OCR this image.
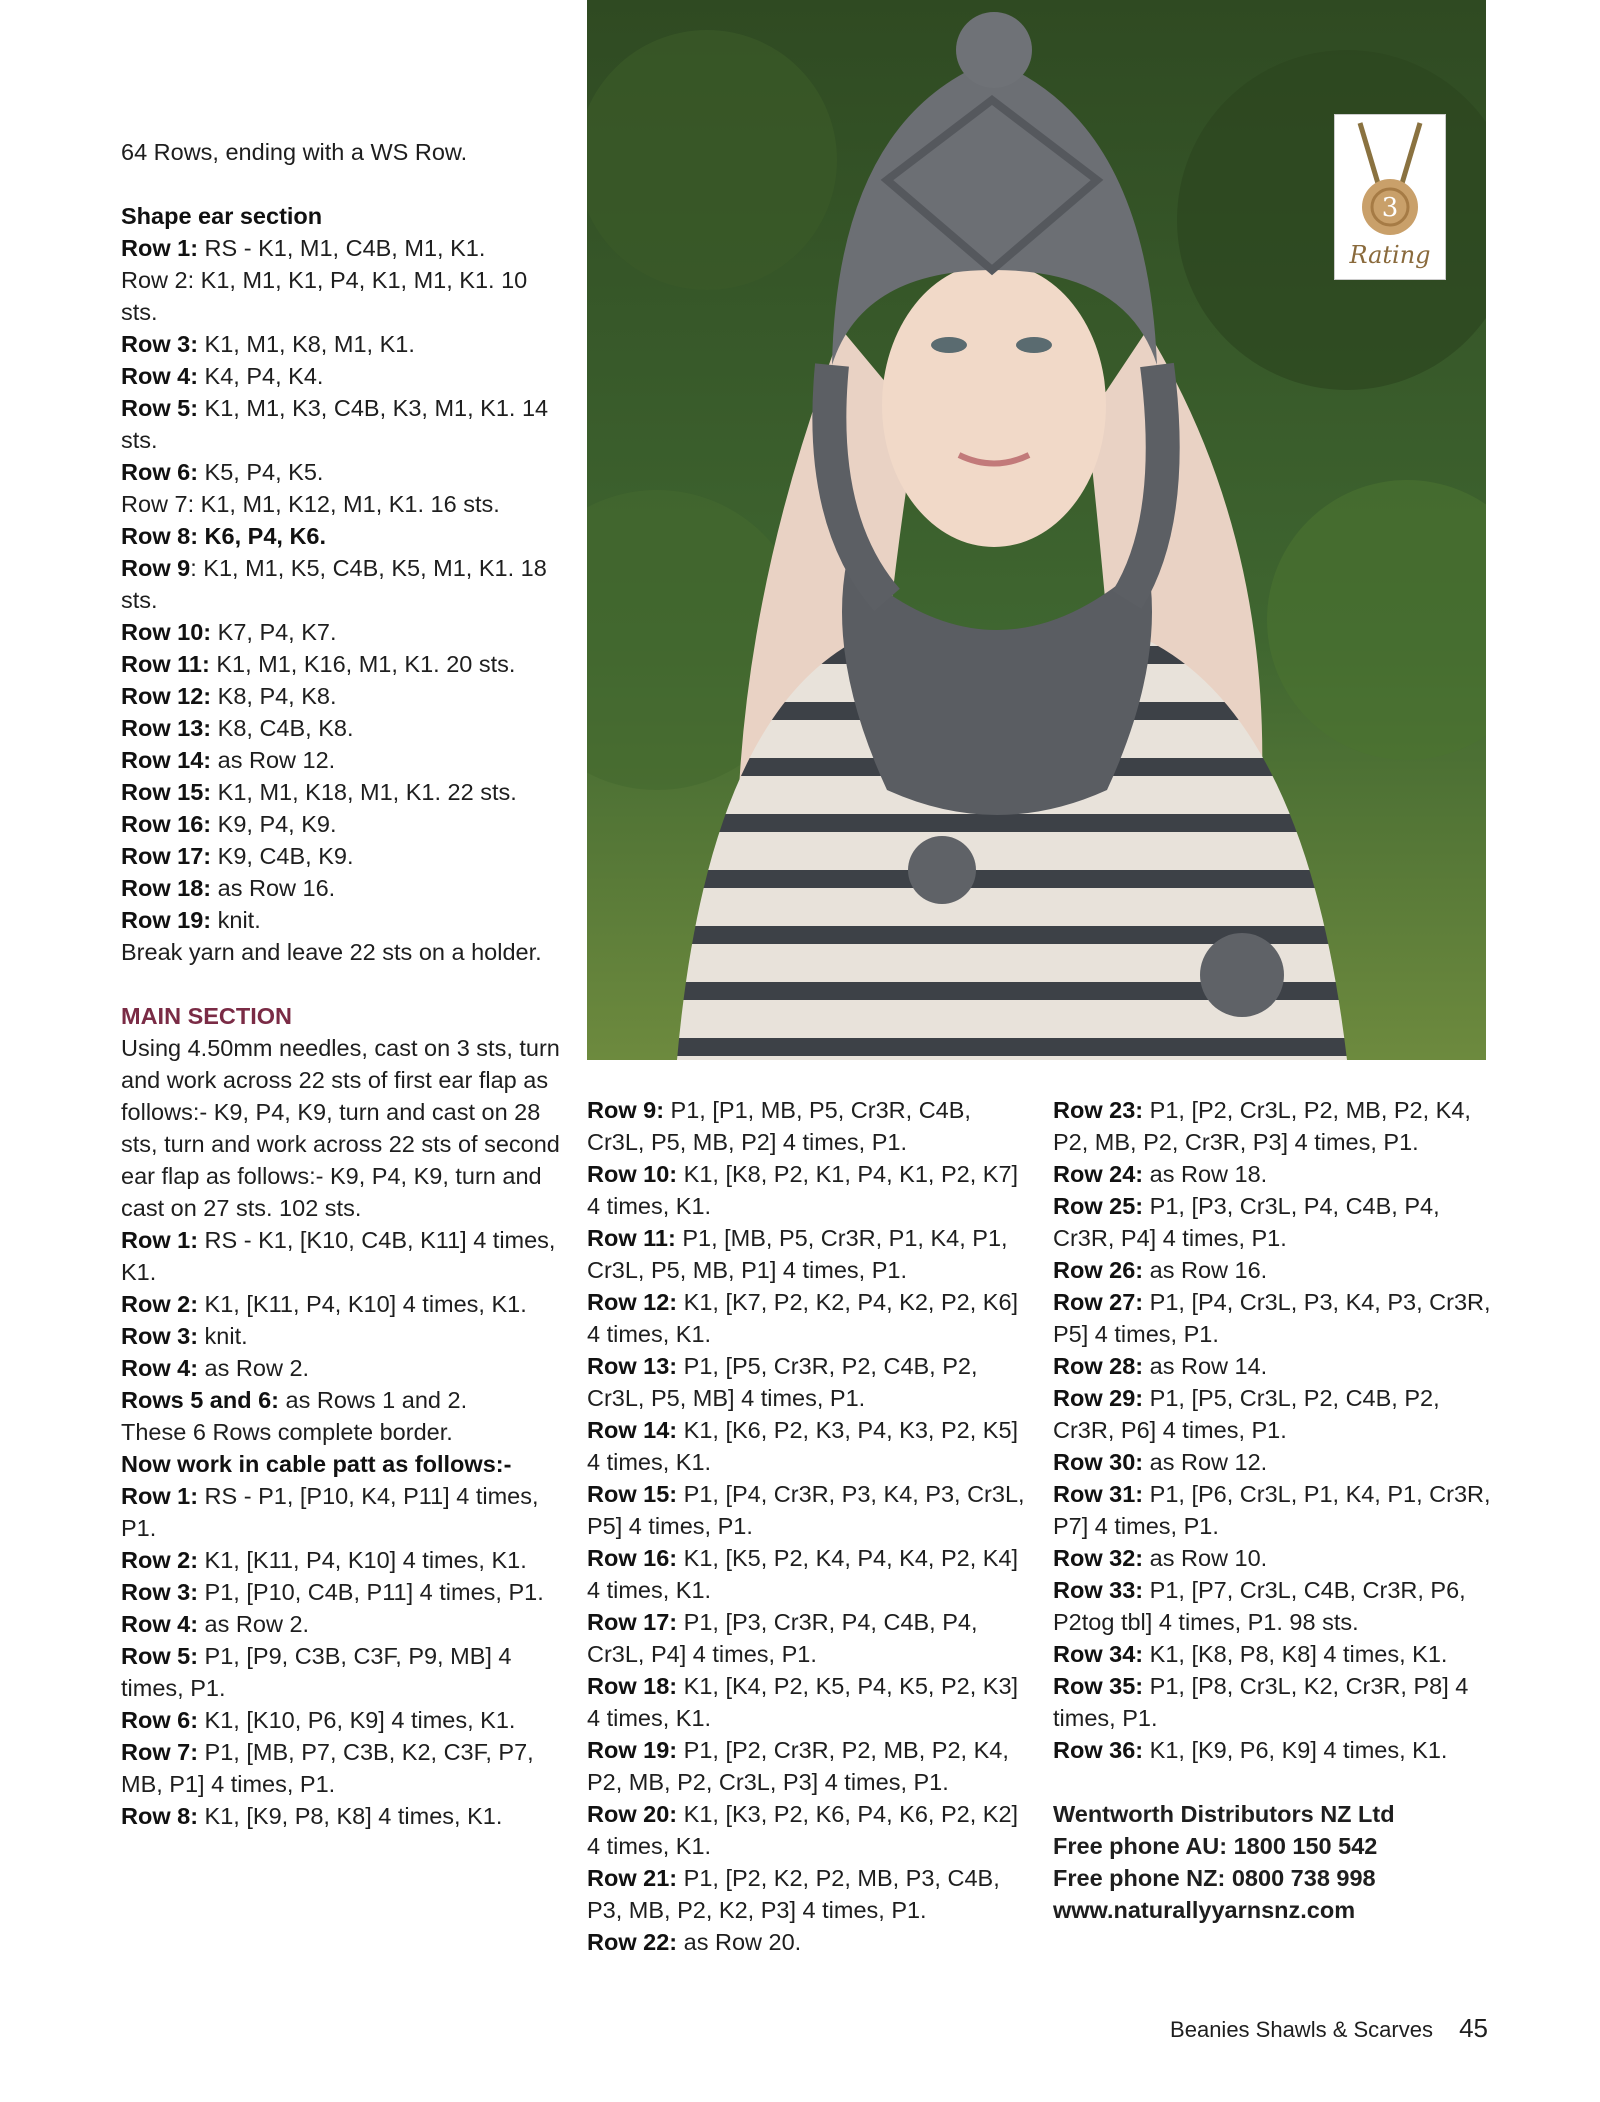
64 Rows, ending with a WS Row.

Shape ear section

Row 1: RS - K1, M1, C4B, M1, K1.

Row 2: K1, M1, K1, P4, K1, M1, K1. 10 sts.

Row 3: K1, M1, K8, M1, K1.

Row 4: K4, P4, K4.

Row 5: K1, M1, K3, C4B, K3, M1, K1. 14 sts.

Row 6: K5, P4, K5.

Row 7: K1, M1, K12, M1, K1. 16 sts.

Row 8: K6, P4, K6.

Row 9: K1, M1, K5, C4B, K5, M1, K1. 18 sts.

Row 10: K7, P4, K7.

Row 11: K1, M1, K16, M1, K1. 20 sts.

Row 12: K8, P4, K8.

Row 13: K8, C4B, K8.

Row 14: as Row 12.

Row 15: K1, M1, K18, M1, K1. 22 sts.

Row 16: K9, P4, K9.

Row 17: K9, C4B, K9.

Row 18: as Row 16.

Row 19: knit.

Break yarn and leave 22 sts on a holder.

MAIN SECTION

Using 4.50mm needles, cast on 3 sts, turn and work across 22 sts of first ear flap as follows:- K9, P4, K9, turn and cast on 28 sts, turn and work across 22 sts of second ear flap as follows:- K9, P4, K9, turn and cast on 27 sts. 102 sts.

Row 1: RS - K1, [K10, C4B, K11] 4 times, K1.

Row 2: K1, [K11, P4, K10] 4 times, K1.

Row 3: knit.

Row 4: as Row 2.

Rows 5 and 6: as Rows 1 and 2.

These 6 Rows complete border.

Now work in cable patt as follows:-

Row 1: RS - P1, [P10, K4, P11] 4 times, P1.

Row 2: K1, [K11, P4, K10] 4 times, K1.

Row 3: P1, [P10, C4B, P11] 4 times, P1.

Row 4: as Row 2.

Row 5: P1, [P9, C3B, C3F, P9, MB] 4 times, P1.

Row 6: K1, [K10, P6, K9] 4 times, K1.

Row 7: P1, [MB, P7, C3B, K2, C3F, P7, MB, P1] 4 times, P1.

Row 8: K1, [K9, P8, K8] 4 times, K1.

3
Rating

Row 9: P1, [P1, MB, P5, Cr3R, C4B, Cr3L, P5, MB, P2] 4 times, P1.

Row 10: K1, [K8, P2, K1, P4, K1, P2, K7] 4 times, K1.

Row 11: P1, [MB, P5, Cr3R, P1, K4, P1, Cr3L, P5, MB, P1] 4 times, P1.

Row 12: K1, [K7, P2, K2, P4, K2, P2, K6] 4 times, K1.

Row 13: P1, [P5, Cr3R, P2, C4B, P2, Cr3L, P5, MB] 4 times, P1.

Row 14: K1, [K6, P2, K3, P4, K3, P2, K5] 4 times, K1.

Row 15: P1, [P4, Cr3R, P3, K4, P3, Cr3L, P5] 4 times, P1.

Row 16: K1, [K5, P2, K4, P4, K4, P2, K4] 4 times, K1.

Row 17: P1, [P3, Cr3R, P4, C4B, P4, Cr3L, P4] 4 times, P1.

Row 18: K1, [K4, P2, K5, P4, K5, P2, K3] 4 times, K1.

Row 19: P1, [P2, Cr3R, P2, MB, P2, K4, P2, MB, P2, Cr3L, P3] 4 times, P1.

Row 20: K1, [K3, P2, K6, P4, K6, P2, K2] 4 times, K1.

Row 21: P1, [P2, K2, P2, MB, P3, C4B, P3, MB, P2, K2, P3] 4 times, P1.

Row 22: as Row 20.

Row 23: P1, [P2, Cr3L, P2, MB, P2, K4, P2, MB, P2, Cr3R, P3] 4 times, P1.

Row 24: as Row 18.

Row 25: P1, [P3, Cr3L, P4, C4B, P4, Cr3R, P4] 4 times, P1.

Row 26: as Row 16.

Row 27: P1, [P4, Cr3L, P3, K4, P3, Cr3R, P5] 4 times, P1.

Row 28: as Row 14.

Row 29: P1, [P5, Cr3L, P2, C4B, P2, Cr3R, P6] 4 times, P1.

Row 30: as Row 12.

Row 31: P1, [P6, Cr3L, P1, K4, P1, Cr3R, P7] 4 times, P1.

Row 32: as Row 10.

Row 33: P1, [P7, Cr3L, C4B, Cr3R, P6, P2tog tbl] 4 times, P1. 98 sts.

Row 34: K1, [K8, P8, K8] 4 times, K1.

Row 35: P1, [P8, Cr3L, K2, Cr3R, P8] 4 times, P1.

Row 36: K1, [K9, P6, K9] 4 times, K1.

Wentworth Distributors NZ Ltd

Free phone AU: 1800 150 542

Free phone NZ: 0800 738 998

www.naturallyyarnsnz.com

Beanies Shawls & Scarves 45
